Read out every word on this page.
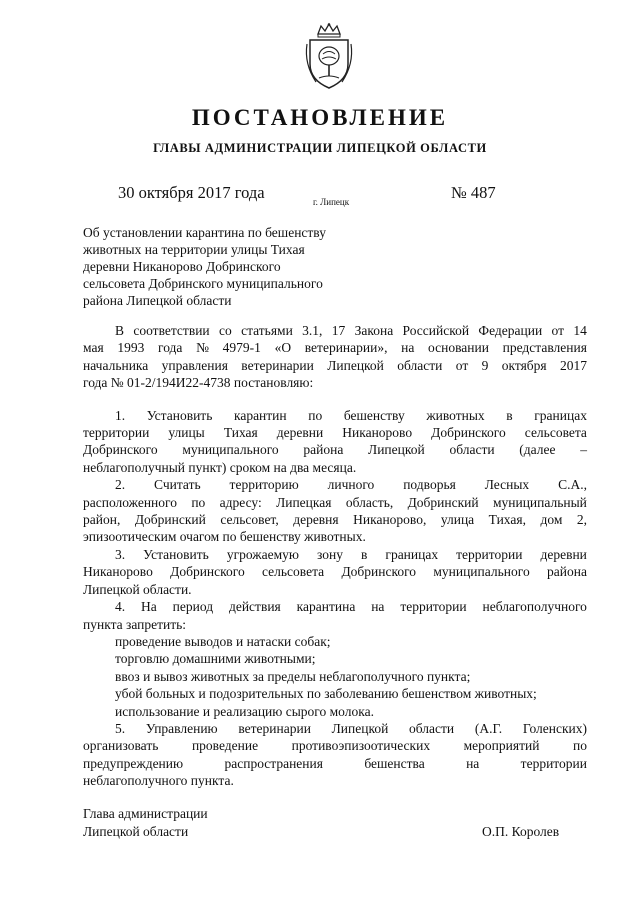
ПОСТАНОВЛЕНИЕ
ГЛАВЫ АДМИНИСТРАЦИИ ЛИПЕЦКОЙ ОБЛАСТИ
30 октября 2017 года	г. Липецк	№ 487
Об установлении карантина по бешенству
животных на территории улицы Тихая
деревни Никанорово Добринского
сельсовета Добринского муниципального
района Липецкой области
В соответствии со статьями 3.1, 17 Закона Российской Федерации от 14
мая 1993 года № 4979-1 «О ветеринарии», на основании представления
начальника управления ветеринарии Липецкой области от 9 октября 2017
года № 01-2/194И22-4738 постановляю:
1. Установить карантин по бешенству животных в границах
территории улицы Тихая деревни Никанорово Добринского сельсовета
Добринского муниципального района Липецкой области (далее –
неблагополучный пункт) сроком на два месяца.
2. Считать территорию личного подворья Лесных С.А.,
расположенного по адресу: Липецкая область, Добринский муниципальный
район, Добринский сельсовет, деревня Никанорово, улица Тихая, дом 2,
эпизоотическим очагом по бешенству животных.
3. Установить угрожаемую зону в границах территории деревни
Никанорово Добринского сельсовета Добринского муниципального района
Липецкой области.
4. На период действия карантина на территории неблагополучного
пункта запретить:
проведение выводов и натаски собак;
торговлю домашними животными;
ввоз и вывоз животных за пределы неблагополучного пункта;
убой больных и подозрительных по заболеванию бешенством животных;
использование и реализацию сырого молока.
5. Управлению ветеринарии Липецкой области (А.Г. Голенских)
организовать проведение противоэпизоотических мероприятий по
предупреждению	распространения	бешенства	на	территории
неблагополучного пункта.
Глава администрации
Липецкой области	О.П. Королев
